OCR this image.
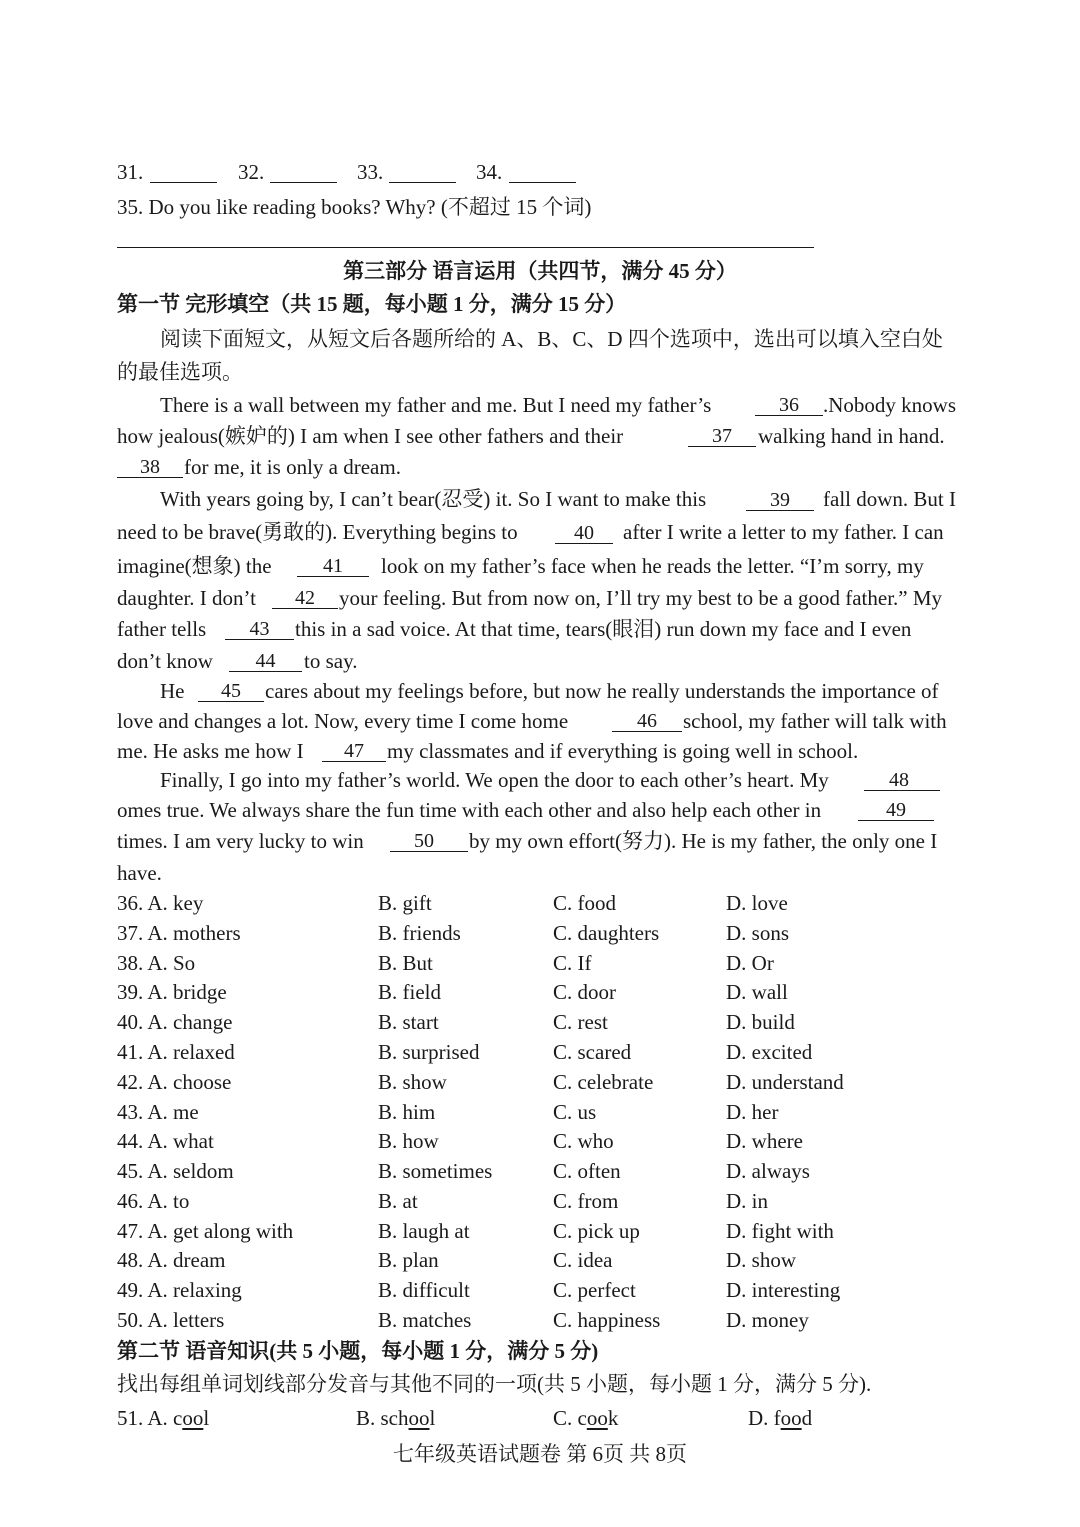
31.	32.	33.	34.
35. Do you like reading books? Why? (不超过 15 个词)
第三部分 语言运用（共四节，满分 45 分）
第一节 完形填空（共 15 题，每小题 1 分，满分 15 分）
阅读下面短文，从短文后各题所给的 A、B、C、D 四个选项中，选出可以填入空白处
的最佳选项。
There is a wall between my father and me. But I need my father’s	36	.Nobody knows
how jealous(嫉妒的) I am when I see other fathers and their	37	walking hand in hand.
38	for me, it is only a dream.
With years going by, I can’t bear(忍受) it. So I want to make this	39	fall down. But I
need to be brave(勇敢的). Everything begins to	40	after I write a letter to my father. I can
imagine(想象) the	41	look on my father’s face when he reads the letter. “I’m sorry, my
daughter. I don’t	42	your feeling. But from now on, I’ll try my best to be a good father.” My
father tells	43	this in a sad voice. At that time, tears(眼泪) run down my face and I even
don’t know	44	to say.
He	45	cares about my feelings before, but now he really understands the importance of
love and changes a lot. Now, every time I come home	46	school, my father will talk with
me. He asks me how I	47	my classmates and if everything is going well in school.
Finally, I go into my father’s world. We open the door to each other’s heart. My	48
omes true. We always share the fun time with each other and also help each other in	49
times. I am very lucky to win	50	by my own effort(努力). He is my father, the only one I
have.
36. A. key	B. gift	C. food	D. love
37. A. mothers	B. friends	C. daughters	D. sons
38. A. So	B. But	C. If	D. Or
39. A. bridge	B. field	C. door	D. wall
40. A. change	B. start	C. rest	D. build
41. A. relaxed	B. surprised	C. scared	D. excited
42. A. choose	B. show	C. celebrate	D. understand
43. A. me	B. him	C. us	D. her
44. A. what	B. how	C. who	D. where
45. A. seldom	B. sometimes	C. often	D. always
46. A. to	B. at	C. from	D. in
47. A. get along with	B. laugh at	C. pick up	D. fight with
48. A. dream	B. plan	C. idea	D. show
49. A. relaxing	B. difficult	C. perfect	D. interesting
50. A. letters	B. matches	C. happiness	D. money
第二节 语音知识(共 5 小题，每小题 1 分，满分 5 分)
找出每组单词划线部分发音与其他不同的一项(共 5 小题，每小题 1 分，满分 5 分).
51. A. cool	B. school	C. cook	D. food
七年级英语试题卷 第 6页 共 8页
